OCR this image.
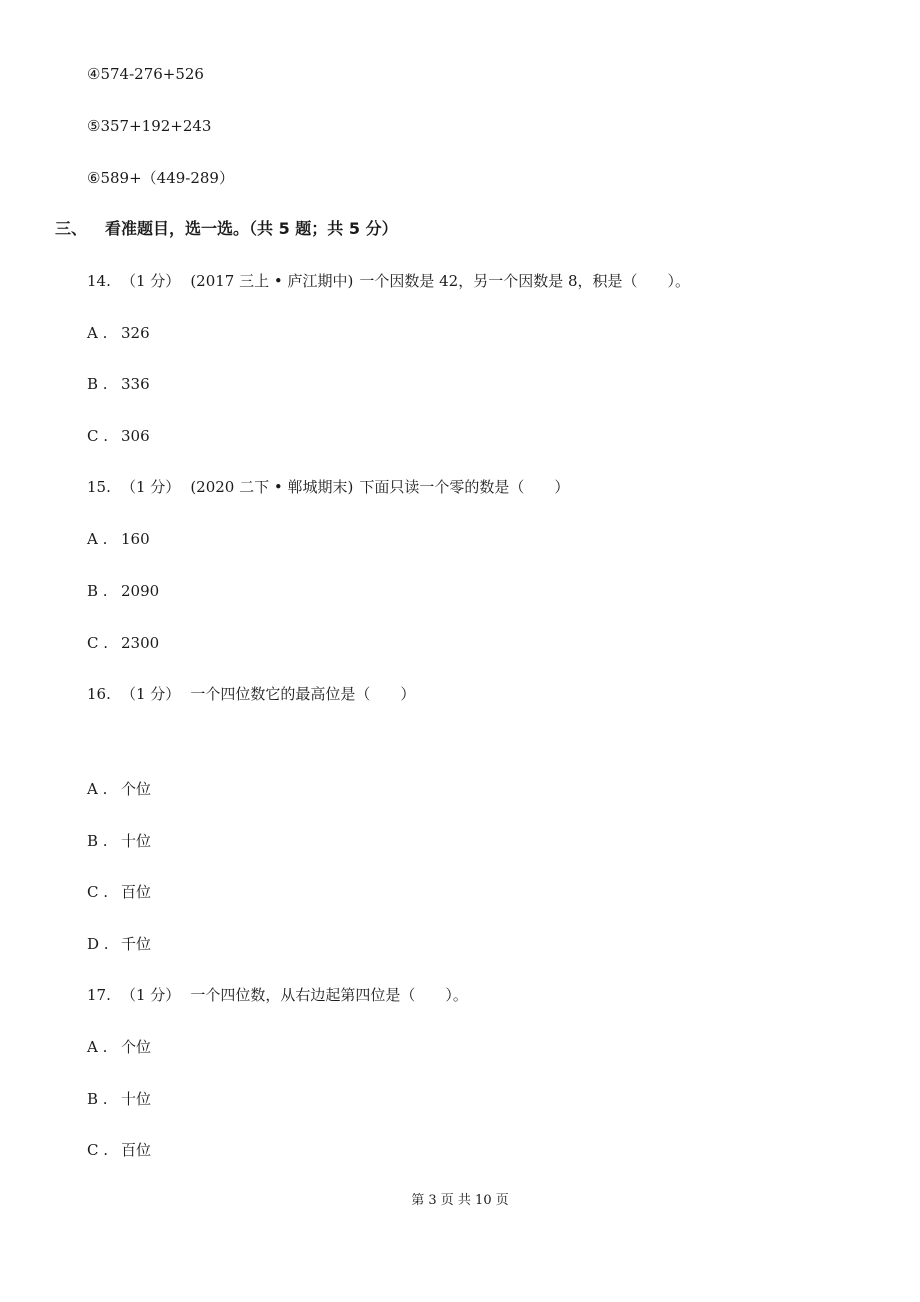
④574-276+526
⑤357+192+243
⑥589+（449-289）
三、 看准题目，选一选。（共 5 题；共 5 分）
14. （1 分） (2017 三上 • 庐江期中) 一个因数是 42，另一个因数是 8，积是（　　）。
A . 326
B . 336
C . 306
15. （1 分） (2020 二下 • 郸城期末) 下面只读一个零的数是（　　）
A . 160
B . 2090
C . 2300
16. （1 分） 一个四位数它的最高位是（　　）
A . 个位
B . 十位
C . 百位
D . 千位
17. （1 分） 一个四位数，从右边起第四位是（　　）。
A . 个位
B . 十位
C . 百位
第 3 页 共 10 页
